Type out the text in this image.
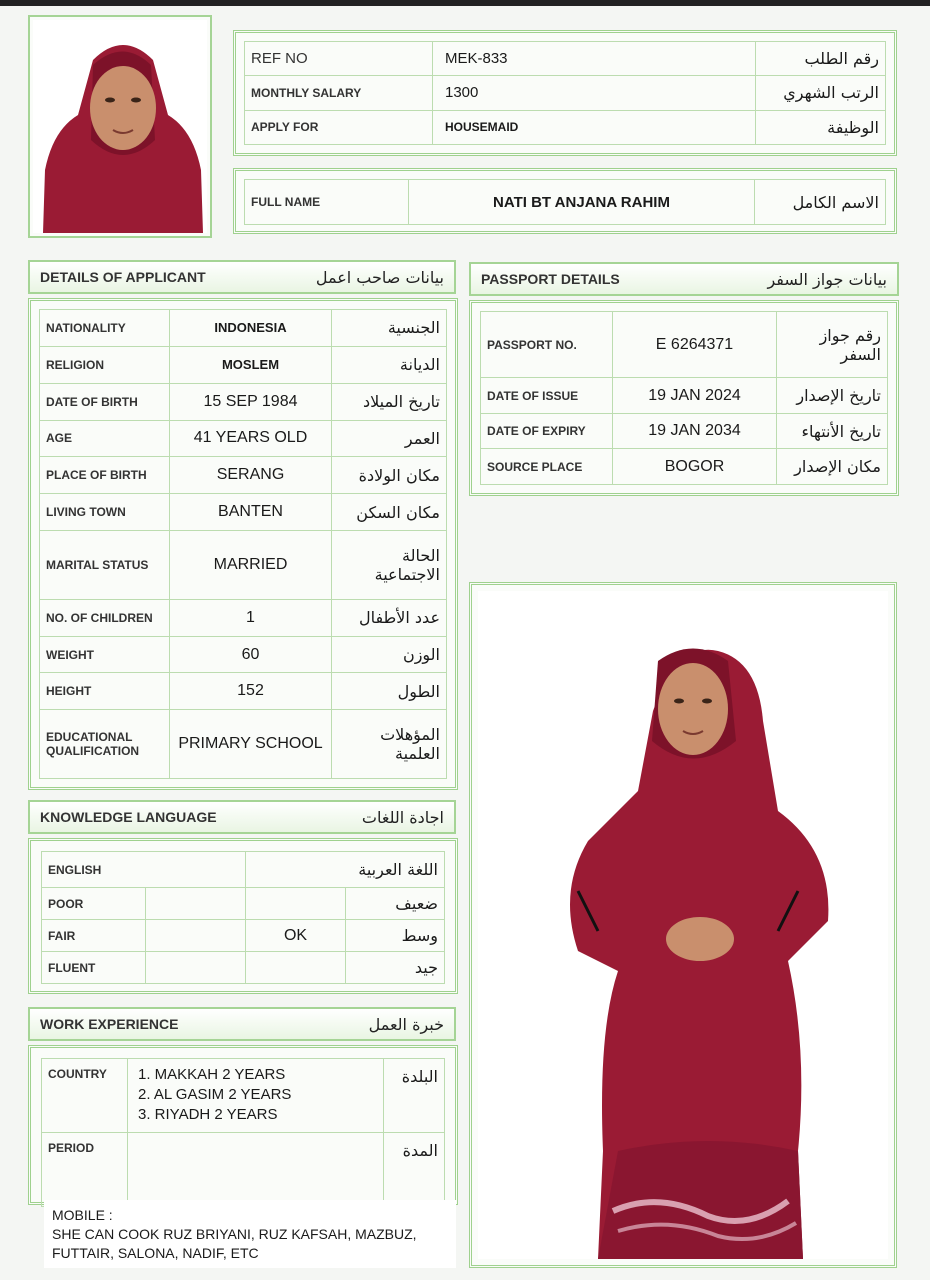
REF NO	MEK-833	رقم الطلب
MONTHLY SALARY	1300	الرتب الشهري
APPLY FOR	HOUSEMAID	الوظيفة
FULL NAME	NATI BT ANJANA RAHIM	الاسم الكامل
DETAILS OF APPLICANT	بيانات صاحب اعمل
NATIONALITY	INDONESIA	الجنسية
RELIGION	MOSLEM	الديانة
DATE OF BIRTH	15 SEP 1984	تاريخ الميلاد
AGE	41 YEARS OLD	العمر
PLACE OF BIRTH	SERANG	مكان الولادة
LIVING TOWN	BANTEN	مكان السكن
MARITAL STATUS	MARRIED	الحالة الاجتماعية
NO. OF CHILDREN	1	عدد الأطفال
WEIGHT	60	الوزن
HEIGHT	152	الطول
EDUCATIONAL QUALIFICATION	PRIMARY SCHOOL	المؤهلات العلمية
PASSPORT DETAILS	بيانات جواز السفر
PASSPORT NO.	E 6264371	رقم جواز السفر
DATE OF ISSUE	19 JAN 2024	تاريخ الإصدار
DATE OF EXPIRY	19 JAN 2034	تاريخ الأنتهاء
SOURCE PLACE	BOGOR	مكان الإصدار
KNOWLEDGE LANGUAGE	اجادة اللغات
ENGLISH		اللغة العربية	
POOR			ضعيف
FAIR		OK	وسط
FLUENT			جيد
WORK EXPERIENCE	خبرة العمل
COUNTRY	1. MAKKAH 2 YEARS
2. AL GASIM 2 YEARS
3. RIYADH 2 YEARS	البلدة
PERIOD		المدة
MOBILE :
SHE CAN COOK RUZ BRIYANI, RUZ KAFSAH, MAZBUZ,
FUTTAIR, SALONA, NADIF, ETC
